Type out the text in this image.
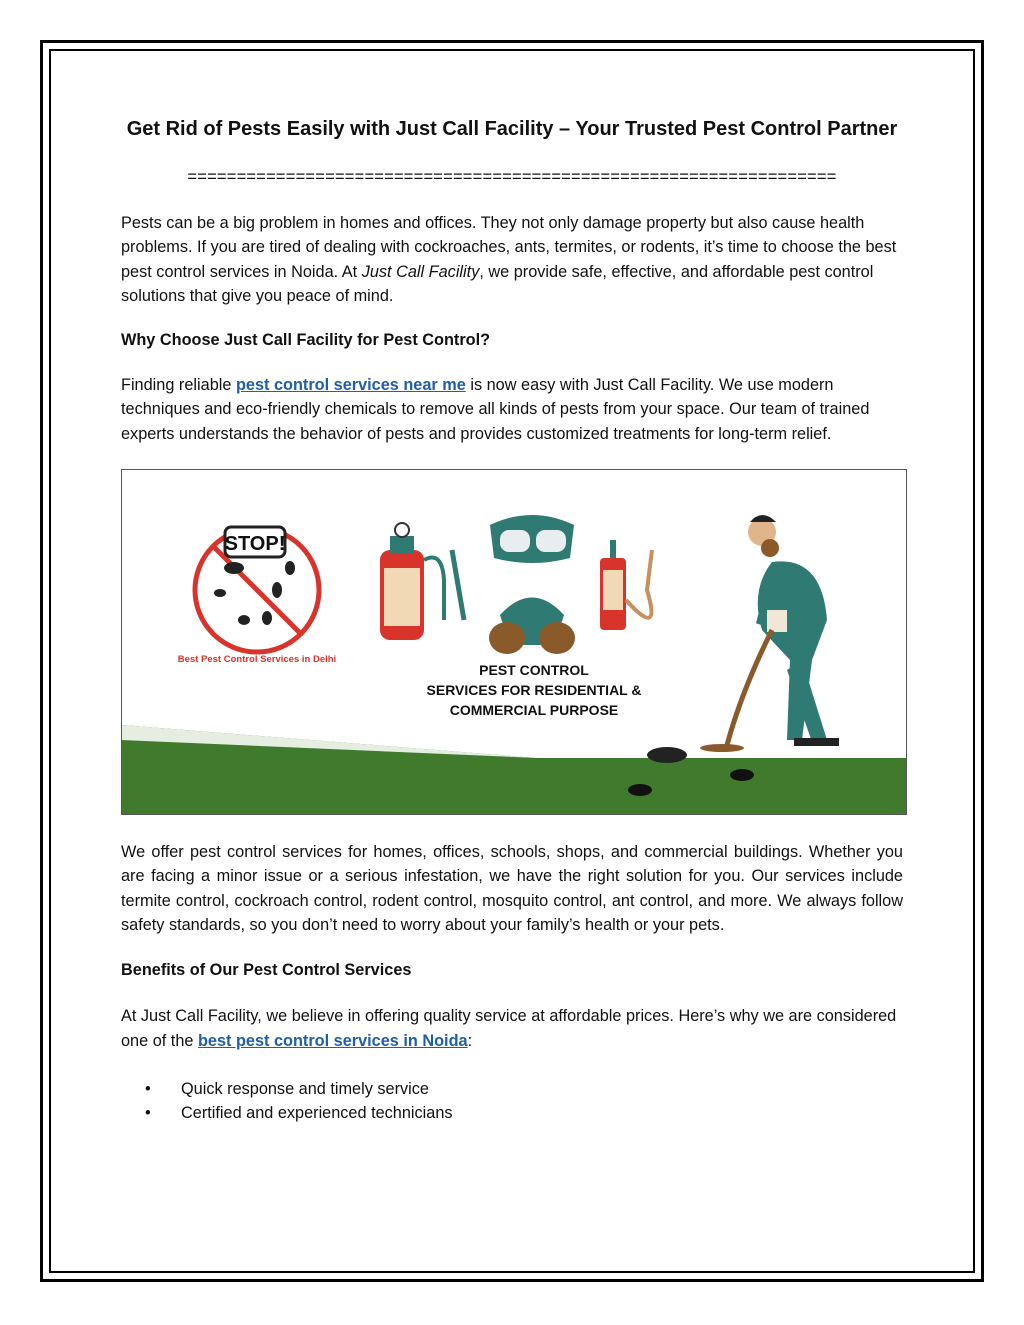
Get Rid of Pests Easily with Just Call Facility – Your Trusted Pest Control Partner
==================================================================

Pests can be a big problem in homes and offices. They not only damage property but also cause health problems. If you are tired of dealing with cockroaches, ants, termites, or rodents, it’s time to choose the best pest control services in Noida. At Just Call Facility, we provide safe, effective, and affordable pest control solutions that give you peace of mind.

Why Choose Just Call Facility for Pest Control?

Finding reliable pest control services near me is now easy with Just Call Facility. We use modern techniques and eco-friendly chemicals to remove all kinds of pests from your space. Our team of trained experts understands the behavior of pests and provides customized treatments for long-term relief.

STOP!
Best Pest Control Services in Delhi
PEST CONTROL
SERVICES FOR RESIDENTIAL &
COMMERCIAL PURPOSE

We offer pest control services for homes, offices, schools, shops, and commercial buildings. Whether you are facing a minor issue or a serious infestation, we have the right solution for you. Our services include termite control, cockroach control, rodent control, mosquito control, ant control, and more. We always follow safety standards, so you don’t need to worry about your family’s health or your pets.

Benefits of Our Pest Control Services

At Just Call Facility, we believe in offering quality service at affordable prices. Here’s why we are considered one of the best pest control services in Noida:

• Quick response and timely service
• Certified and experienced technicians
